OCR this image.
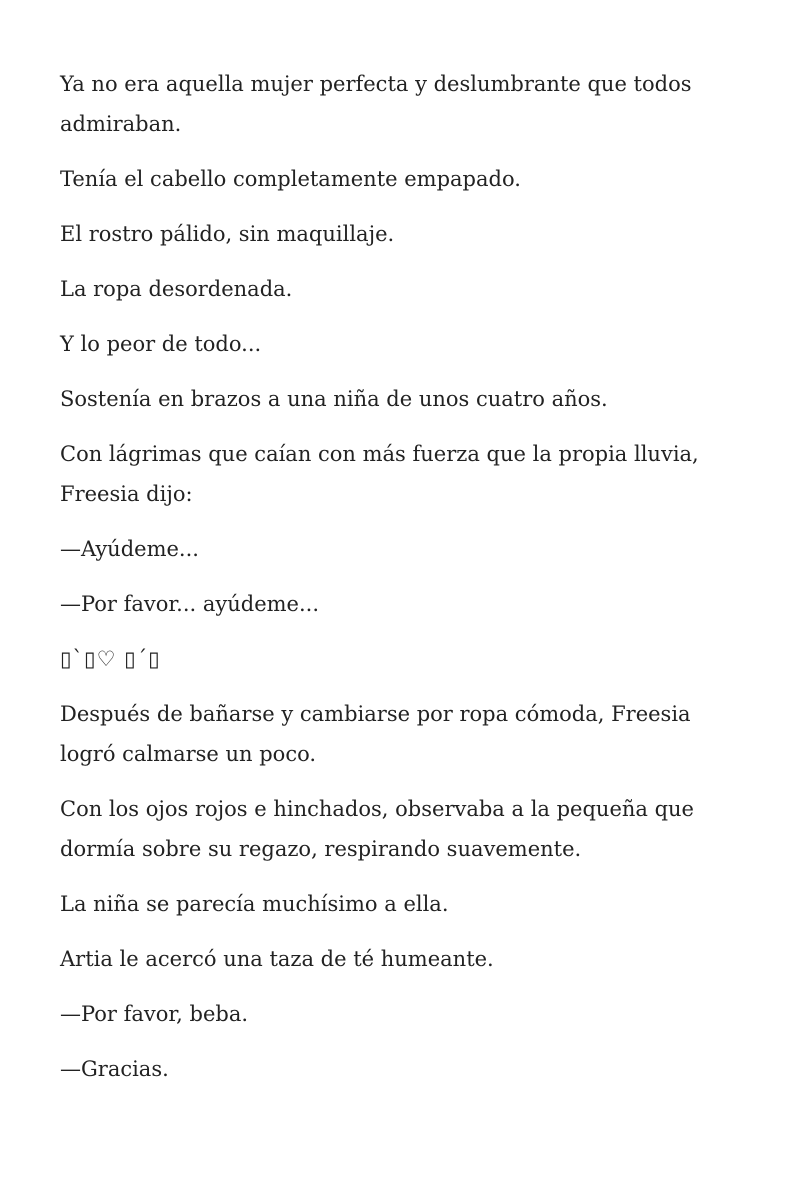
Ya no era aquella mujer perfecta y deslumbrante que todos admiraban.

Tenía el cabello completamente empapado.

El rostro pálido, sin maquillaje.

La ropa desordenada.

Y lo peor de todo...

Sostenía en brazos a una niña de unos cuatro años.

Con lágrimas que caían con más fuerza que la propia lluvia, Freesia dijo:

—Ayúdeme...

—Por favor... ayúdeme...

▯`▯♡ ▯´▯

Después de bañarse y cambiarse por ropa cómoda, Freesia logró calmarse un poco.

Con los ojos rojos e hinchados, observaba a la pequeña que dormía sobre su regazo, respirando suavemente.

La niña se parecía muchísimo a ella.

Artia le acercó una taza de té humeante.

—Por favor, beba.

—Gracias.
